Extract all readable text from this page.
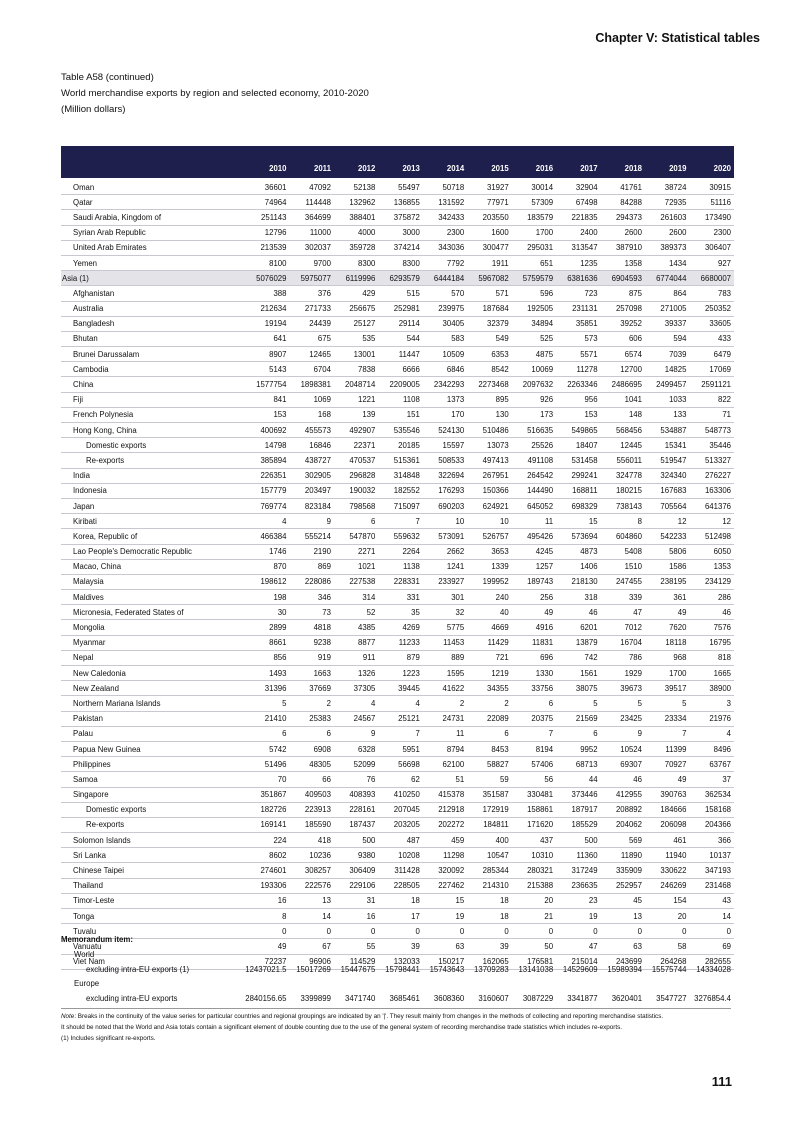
Chapter V: Statistical tables
Table A58 (continued)
World merchandise exports by region and selected economy, 2010-2020
(Million dollars)

	2010	2011	2012	2013	2014	2015	2016	2017	2018	2019	2020
Oman	36601	47092	52138	55497	50718	31927	30014	32904	41761	38724	30915
Qatar	74964	114448	132962	136855	131592	77971	57309	67498	84288	72935	51116
Saudi Arabia, Kingdom of	251143	364699	388401	375872	342433	203550	183579	221835	294373	261603	173490
Syrian Arab Republic	12796	11000	4000	3000	2300	1600	1700	2400	2600	2600	2300
United Arab Emirates	213539	302037	359728	374214	343036	300477	295031	313547	387910	389373	306407
Yemen	8100	9700	8300	8300	7792	1911	651	1235	1358	1434	927
Asia (1)	5076029	5975077	6119996	6293579	6444184	5967082	5759579	6381636	6904593	6774044	6680007
Afghanistan	388	376	429	515	570	571	596	723	875	864	783
Australia	212634	271733	256675	252981	239975	187684	192505	231131	257098	271005	250352
Bangladesh	19194	24439	25127	29114	30405	32379	34894	35851	39252	39337	33605
Bhutan	641	675	535	544	583	549	525	573	606	594	433
Brunei Darussalam	8907	12465	13001	11447	10509	6353	4875	5571	6574	7039	6479
Cambodia	5143	6704	7838	6666	6846	8542	10069	11278	12700	14825	17069
China	1577754	1898381	2048714	2209005	2342293	2273468	2097632	2263346	2486695	2499457	2591121
Fiji	841	1069	1221	1108	1373	895	926	956	1041	1033	822
French Polynesia	153	168	139	151	170	130	173	153	148	133	71
Hong Kong, China	400692	455573	492907	535546	524130	510486	516635	549865	568456	534887	548773
Domestic exports	14798	16846	22371	20185	15597	13073	25526	18407	12445	15341	35446
Re-exports	385894	438727	470537	515361	508533	497413	491108	531458	556011	519547	513327
India	226351	302905	296828	314848	322694	267951	264542	299241	324778	324340	276227
Indonesia	157779	203497	190032	182552	176293	150366	144490	168811	180215	167683	163306
Japan	769774	823184	798568	715097	690203	624921	645052	698329	738143	705564	641376
Kiribati	4	9	6	7	10	10	11	15	8	12	12
Korea, Republic of	466384	555214	547870	559632	573091	526757	495426	573694	604860	542233	512498
Lao People's Democratic Republic	1746	2190	2271	2264	2662	3653	4245	4873	5408	5806	6050
Macao, China	870	869	1021	1138	1241	1339	1257	1406	1510	1586	1353
Malaysia	198612	228086	227538	228331	233927	199952	189743	218130	247455	238195	234129
Maldives	198	346	314	331	301	240	256	318	339	361	286
Micronesia, Federated States of	30	73	52	35	32	40	49	46	47	49	46
Mongolia	2899	4818	4385	4269	5775	4669	4916	6201	7012	7620	7576
Myanmar	8661	9238	8877	11233	11453	11429	11831	13879	16704	18118	16795
Nepal	856	919	911	879	889	721	696	742	786	968	818
New Caledonia	1493	1663	1326	1223	1595	1219	1330	1561	1929	1700	1665
New Zealand	31396	37669	37305	39445	41622	34355	33756	38075	39673	39517	38900
Northern Mariana Islands	5	2	4	4	2	2	6	5	5	5	3
Pakistan	21410	25383	24567	25121	24731	22089	20375	21569	23425	23334	21976
Palau	6	6	9	7	11	6	7	6	9	7	4
Papua New Guinea	5742	6908	6328	5951	8794	8453	8194	9952	10524	11399	8496
Philippines	51496	48305	52099	56698	62100	58827	57406	68713	69307	70927	63767
Samoa	70	66	76	62	51	59	56	44	46	49	37
Singapore	351867	409503	408393	410250	415378	351587	330481	373446	412955	390763	362534
Domestic exports	182726	223913	228161	207045	212918	172919	158861	187917	208892	184666	158168
Re-exports	169141	185590	187437	203205	202272	184811	171620	185529	204062	206098	204366
Solomon Islands	224	418	500	487	459	400	437	500	569	461	366
Sri Lanka	8602	10236	9380	10208	11298	10547	10310	11360	11890	11940	10137
Chinese Taipei	274601	308257	306409	311428	320092	285344	280321	317249	335909	330622	347193
Thailand	193306	222576	229106	228505	227462	214310	215388	236635	252957	246269	231468
Timor-Leste	16	13	31	18	15	18	20	23	45	154	43
Tonga	8	14	16	17	19	18	21	19	13	20	14
Tuvalu	0	0	0	0	0	0	0	0	0	0	0
Vanuatu	49	67	55	39	63	39	50	47	63	58	69
Viet Nam	72237	96906	114529	132033	150217	162065	176581	215014	243699	264268	282655
Memorandum item:
World
excluding intra-EU exports (1)	12437021.5	15017269	15447675	15798441	15743643	13709283	13141038	14529609	15989394	15575744	14334028
Europe
excluding intra-EU exports	2840156.65	3399899	3471740	3685461	3608360	3160607	3087229	3341877	3620401	3547727 3276854.4
Note: Breaks in the continuity of the value series for particular countries and regional groupings are indicated by an '|'. They result mainly from changes in the methods of collecting and reporting merchandise statistics.
It should be noted that the World and Asia totals contain a significant element of double counting due to the use of the general system of recording merchandise trade statistics which includes re-exports.
(1) Includes significant re-exports.
111
